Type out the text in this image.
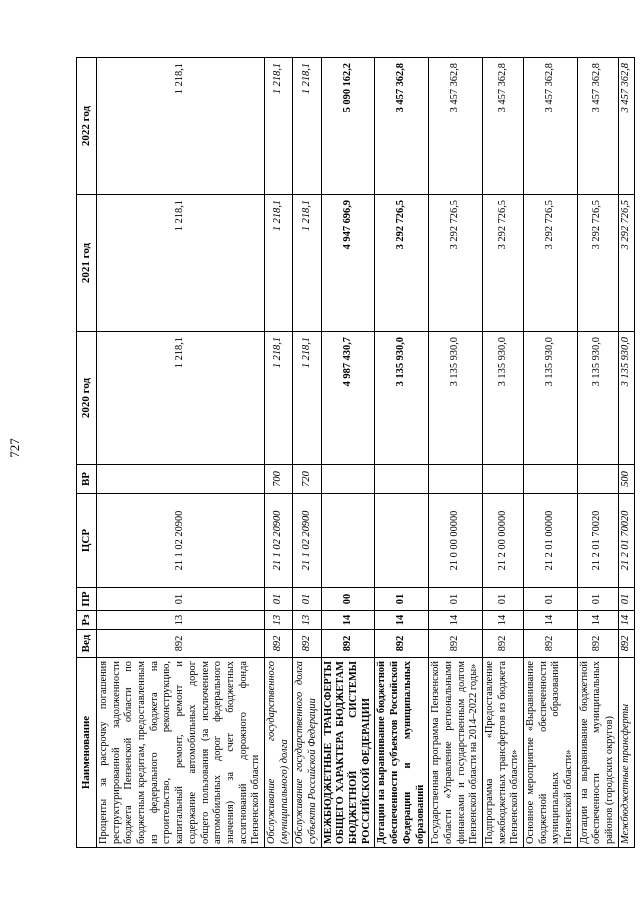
727
Наименование	Вед	Рз	ПР	ЦСР	ВР	2020 год	2021 год	2022 год
Проценты за рассрочку погашения реструктурированной задолженности бюджета Пензенской области по бюджетным кредитам, предоставленным из федерального бюджета на строительство, реконструкцию, капитальный ремонт, ремонт и содержание автомобильных дорог общего пользования (за исключением автомобильных дорог федерального значения) за счет бюджетных ассигнований дорожного фонда Пензенской области	892	13	01	21 1 02 20900		1 218,1	1 218,1	1 218,1
Обслуживание государственного (муниципального) долга	892	13	01	21 1 02 20900	700	1 218,1	1 218,1	1 218,1
Обслуживание государственного долга субъекта Российской Федерации	892	13	01	21 1 02 20900	720	1 218,1	1 218,1	1 218,1
МЕЖБЮДЖЕТНЫЕ ТРАНСФЕРТЫ ОБЩЕГО ХАРАКТЕРА БЮДЖЕТАМ БЮДЖЕТНОЙ СИСТЕМЫ РОССИЙСКОЙ ФЕДЕРАЦИИ	892	14	00			4 987 430,7	4 947 696,9	5 090 162,2
Дотации на выравнивание бюджетной обеспеченности субъектов Российской Федерации и муниципальных образований	892	14	01			3 135 930,0	3 292 726,5	3 457 362,8
Государственная программа Пензенской области «Управление региональными финансами и государственным долгом Пензенской области на 2014–2022 годы»	892	14	01	21 0 00 00000		3 135 930,0	3 292 726,5	3 457 362,8
Подпрограмма «Предоставление межбюджетных трансфертов из бюджета Пензенской области»	892	14	01	21 2 00 00000		3 135 930,0	3 292 726,5	3 457 362,8
Основное мероприятие «Выравнивание бюджетной обеспеченности муниципальных образований Пензенской области»	892	14	01	21 2 01 00000		3 135 930,0	3 292 726,5	3 457 362,8
Дотации на выравнивание бюджетной обеспеченности муниципальных районов (городских округов)	892	14	01	21 2 01 70020		3 135 930,0	3 292 726,5	3 457 362,8
Межбюджетные трансферты	892	14	01	21 2 01 70020	500	3 135 930,0	3 292 726,5	3 457 362,8
